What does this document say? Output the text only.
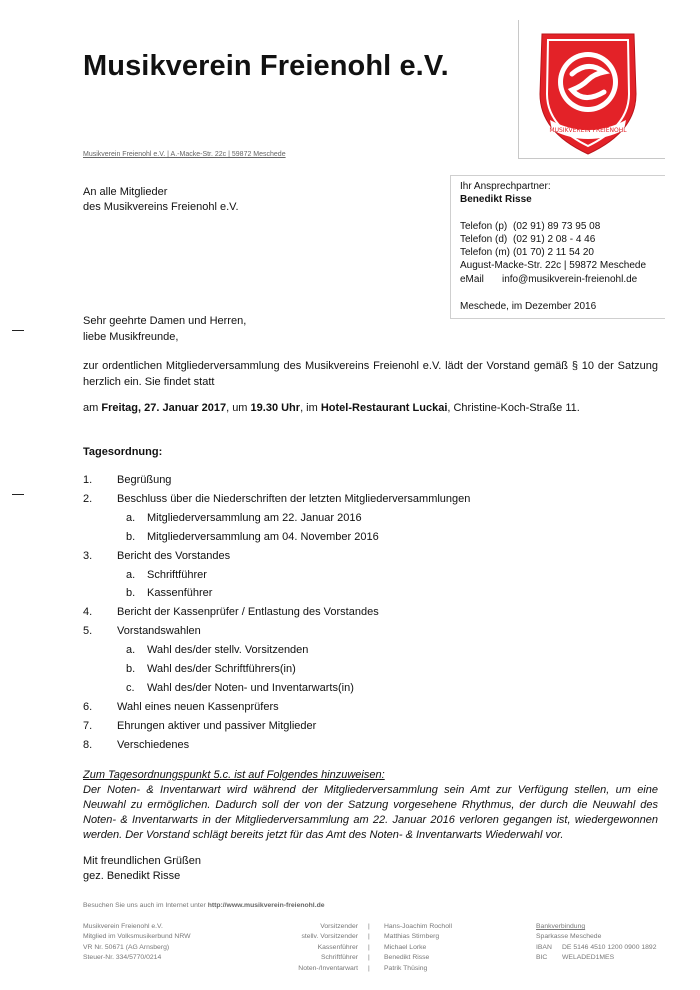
Musikverein Freienohl e.V.
MUSIKVEREIN FREIENOHL
Musikverein Freienohl e.V. | A.-Macke-Str. 22c | 59872 Meschede
An alle Mitglieder
des Musikvereins Freienohl e.V.
Ihr Ansprechpartner:
Benedikt Risse
Telefon (p) (02 91) 89 73 95 08
Telefon (d) (02 91) 2 08 - 4 46
Telefon (m) (01 70) 2 11 54 20
August-Macke-Str. 22c | 59872 Meschede
eMail info@musikverein-freienohl.de
Meschede, im Dezember 2016
Sehr geehrte Damen und Herren,
liebe Musikfreunde,
zur ordentlichen Mitgliederversammlung des Musikvereins Freienohl e.V. lädt der Vorstand gemäß § 10 der Satzung herzlich ein. Sie findet statt
am Freitag, 27. Januar 2017, um 19.30 Uhr, im Hotel-Restaurant Luckai, Christine-Koch-Straße 11.
Tagesordnung:
1. Begrüßung
2. Beschluss über die Niederschriften der letzten Mitgliederversammlungen
a. Mitgliederversammlung am 22. Januar 2016
b. Mitgliederversammlung am 04. November 2016
3. Bericht des Vorstandes
a. Schriftführer
b. Kassenführer
4. Bericht der Kassenprüfer / Entlastung des Vorstandes
5. Vorstandswahlen
a. Wahl des/der stellv. Vorsitzenden
b. Wahl des/der Schriftführers(in)
c. Wahl des/der Noten- und Inventarwarts(in)
6. Wahl eines neuen Kassenprüfers
7. Ehrungen aktiver und passiver Mitglieder
8. Verschiedenes
Zum Tagesordnungspunkt 5.c. ist auf Folgendes hinzuweisen:
Der Noten- & Inventarwart wird während der Mitgliederversammlung sein Amt zur Verfügung stellen, um eine Neuwahl zu ermöglichen. Dadurch soll der von der Satzung vorgesehene Rhythmus, der durch die Neuwahl des Noten- & Inventarwarts in der Mitgliederversammlung am 22. Januar 2016 verloren gegangen ist, wiedergewonnen werden. Der Vorstand schlägt bereits jetzt für das Amt des Noten- & Inventarwarts Wiederwahl vor.
Mit freundlichen Grüßen
gez. Benedikt Risse
Besuchen Sie uns auch im Internet unter http://www.musikverein-freienohl.de
Musikverein Freienohl e.V.
Mitglied im Volksmusikerbund NRW
VR Nr. 50671 (AG Arnsberg)
Steuer-Nr. 334/5770/0214
Vorsitzender
stellv. Vorsitzender
Kassenführer
Schriftführer
Noten-/Inventarwart
|
|
|
|
|
Hans-Joachim Rocholl
Matthias Stirnberg
Michael Lorke
Benedikt Risse
Patrik Thüsing
Bankverbindung
Sparkasse Meschede
IBAN DE 5146 4510 1200 0900 1892
BIC WELADED1MES
